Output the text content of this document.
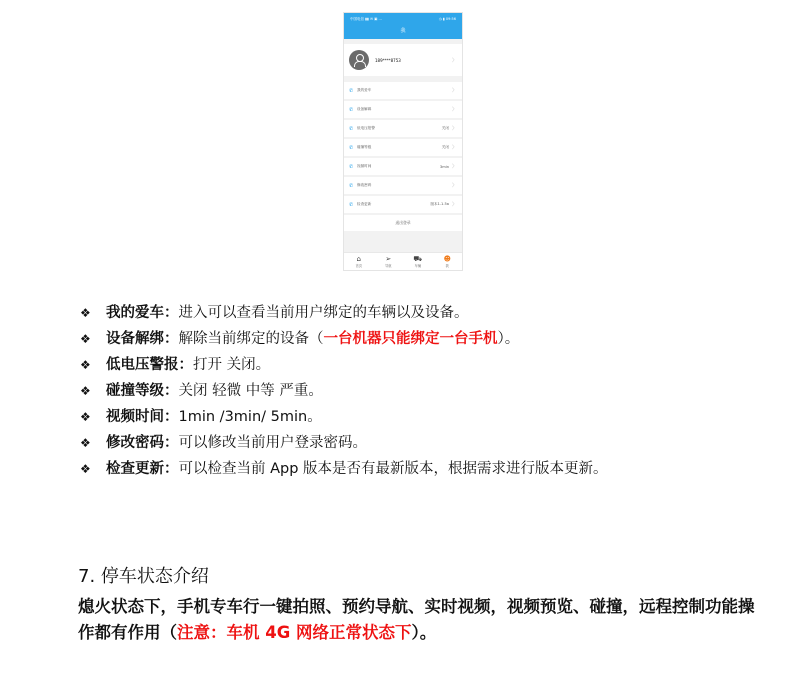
中国电信 ▮▮ ✉ ▣ …	◷ ▮ 09:56
我
189****8753	〉
✆	我的爱车	〉
✆	设备解绑	〉
✆	低电压报警	关闭 〉
✆	碰撞等级	关闭 〉
✆	视频时间	3min 〉
✆	修改密码	〉
✆	检查更新	版本1.1.5a 〉
退出登录
⌂
首页
➢
导航
⛟
车辆
☻
我
❖ 我的爱车：进入可以查看当前用户绑定的车辆以及设备。
❖ 设备解绑：解除当前绑定的设备（一台机器只能绑定一台手机）。
❖ 低电压警报：打开 关闭。
❖ 碰撞等级：关闭 轻微 中等 严重。
❖ 视频时间：1min /3min/ 5min。
❖ 修改密码：可以修改当前用户登录密码。
❖ 检查更新：可以检查当前 App 版本是否有最新版本，根据需求进行版本更新。
7. 停车状态介绍

熄火状态下，手机专车行一键拍照、预约导航、实时视频，视频预览、碰撞，远程控制功能操作都有作用（注意：车机 4G 网络正常状态下）。
